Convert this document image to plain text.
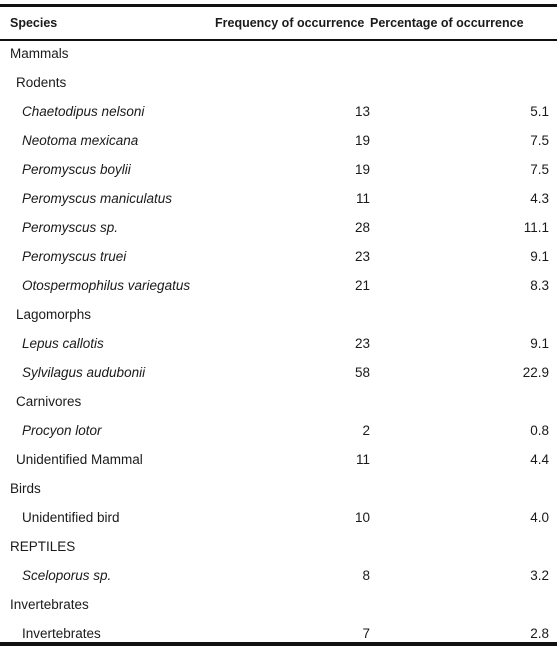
Species	Frequency of occurrence	Percentage of occurrence
Mammals		
Rodents		
Chaetodipus nelsoni	13	5.1
Neotoma mexicana	19	7.5
Peromyscus boylii	19	7.5
Peromyscus maniculatus	11	4.3
Peromyscus sp.	28	11.1
Peromyscus truei	23	9.1
Otospermophilus variegatus	21	8.3
Lagomorphs		
Lepus callotis	23	9.1
Sylvilagus audubonii	58	22.9
Carnivores		
Procyon lotor	2	0.8
Unidentified Mammal	11	4.4
Birds		
Unidentified bird	10	4.0
REPTILES		
Sceloporus sp.	8	3.2
Invertebrates		
Invertebrates	7	2.8
